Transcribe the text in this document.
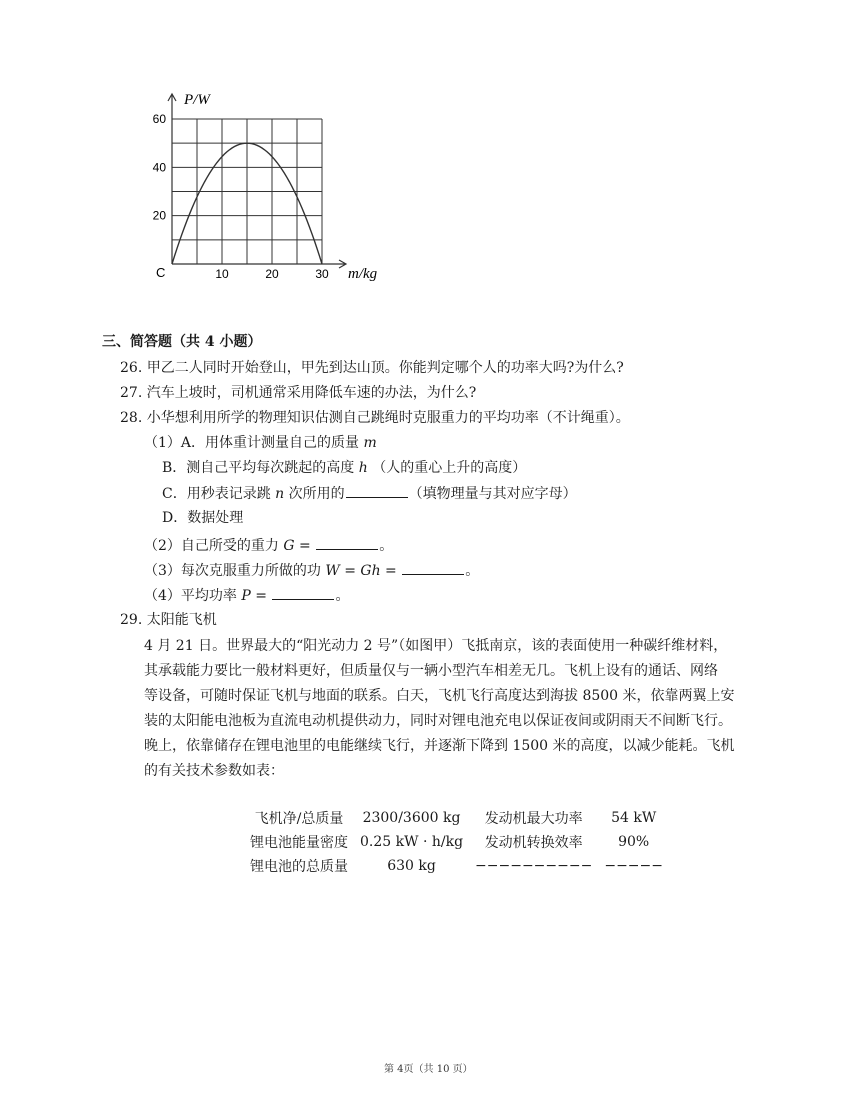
P/W
m/kg
C	10	20	30
20
40
60
三、简答题（共 4 小题）
26. 甲乙二人同时开始登山，甲先到达山顶。你能判定哪个人的功率大吗?为什么?
27. 汽车上坡时，司机通常采用降低车速的办法，为什么?
28. 小华想利用所学的物理知识估测自己跳绳时克服重力的平均功率（不计绳重）。
（1）A．用体重计测量自己的质量 m
B．测自己平均每次跳起的高度 h （人的重心上升的高度）
C．用秒表记录跳 n 次所用的	（填物理量与其对应字母）
D．数据处理
（2）自己所受的重力 G =	。
（3）每次克服重力所做的功 W = Gh =	。
（4）平均功率 P =	。
29. 太阳能飞机
4 月 21 日。世界最大的“阳光动力 2 号”（如图甲）飞抵南京，该的表面使用一种碳纤维材料，
其承载能力要比一般材料更好，但质量仅与一辆小型汽车相差无几。飞机上设有的通话、网络
等设备，可随时保证飞机与地面的联系。白天，飞机飞行高度达到海拔 8500 米，依靠两翼上安
装的太阳能电池板为直流电动机提供动力，同时对锂电池充电以保证夜间或阴雨天不间断飞行。
晚上，依靠储存在锂电池里的电能继续飞行，并逐渐下降到 1500 米的高度，以减少能耗。飞机
的有关技术参数如表：
飞机净/总质量	2300/3600 kg	发动机最大功率	54 kW
锂电池能量密度	0.25 kW · h/kg	发动机转换效率	90%
锂电池的总质量	630 kg	−−−−−−−−−−	−−−−−
第 4页（共 10 页）
